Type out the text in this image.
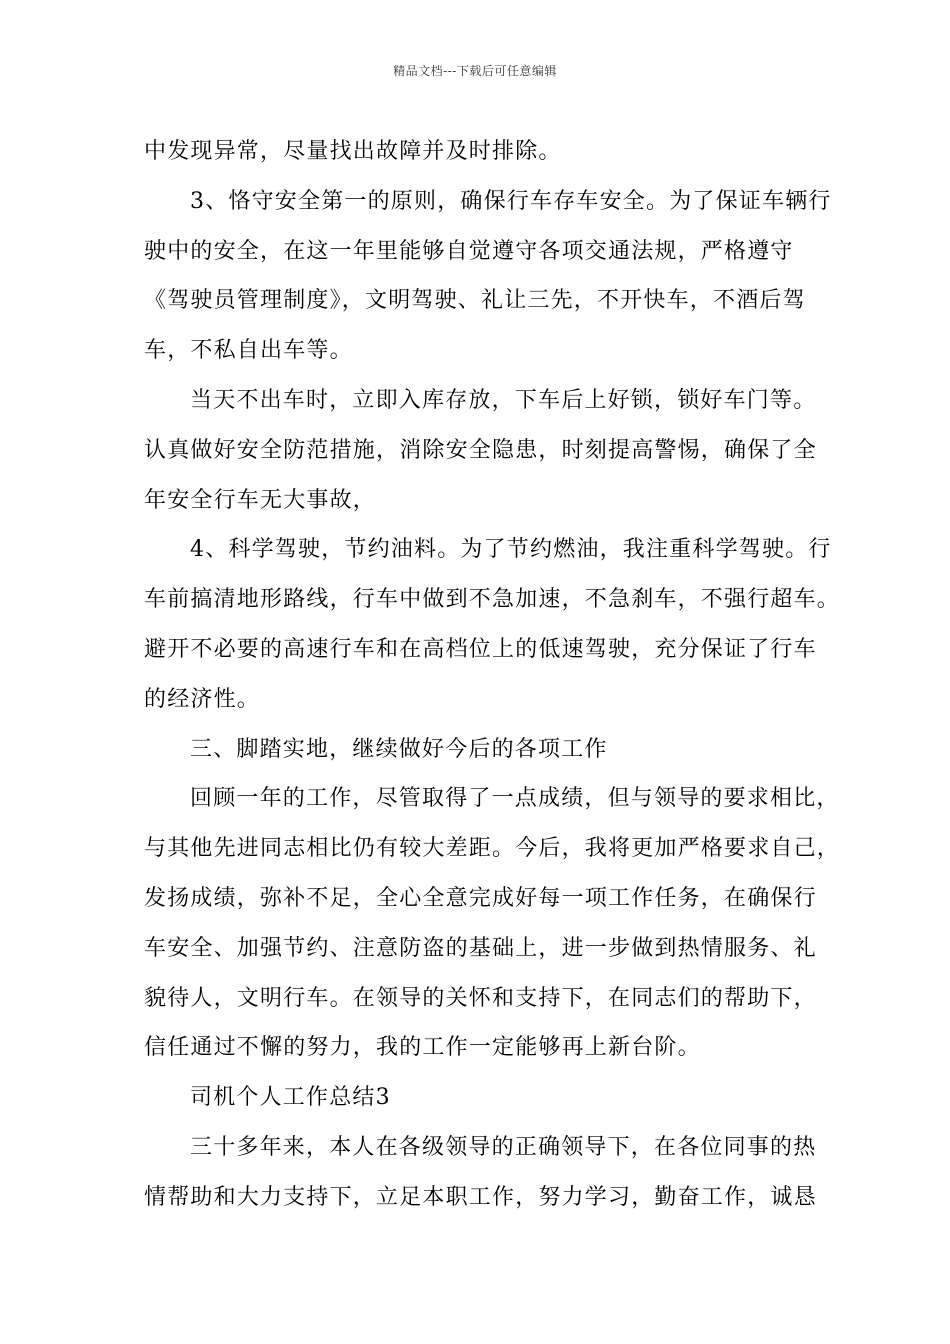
精品文档---下载后可任意编辑
中发现异常，尽量找出故障并及时排除。
3、恪守安全第一的原则，确保行车存车安全。为了保证车辆行
驶中的安全，在这一年里能够自觉遵守各项交通法规，严格遵守
《驾驶员管理制度》，文明驾驶、礼让三先，不开快车，不酒后驾
车，不私自出车等。
当天不出车时，立即入库存放，下车后上好锁，锁好车门等。
认真做好安全防范措施，消除安全隐患，时刻提高警惕，确保了全
年安全行车无大事故，
4、科学驾驶，节约油料。为了节约燃油，我注重科学驾驶。行
车前搞清地形路线，行车中做到不急加速，不急刹车，不强行超车。
避开不必要的高速行车和在高档位上的低速驾驶，充分保证了行车
的经济性。
三、脚踏实地，继续做好今后的各项工作
回顾一年的工作，尽管取得了一点成绩，但与领导的要求相比，
与其他先进同志相比仍有较大差距。今后，我将更加严格要求自己，
发扬成绩，弥补不足，全心全意完成好每一项工作任务，在确保行
车安全、加强节约、注意防盗的基础上，进一步做到热情服务、礼
貌待人，文明行车。在领导的关怀和支持下，在同志们的帮助下，
信任通过不懈的努力，我的工作一定能够再上新台阶。
司机个人工作总结3
三十多年来，本人在各级领导的正确领导下，在各位同事的热
情帮助和大力支持下，立足本职工作，努力学习，勤奋工作，诚恳
